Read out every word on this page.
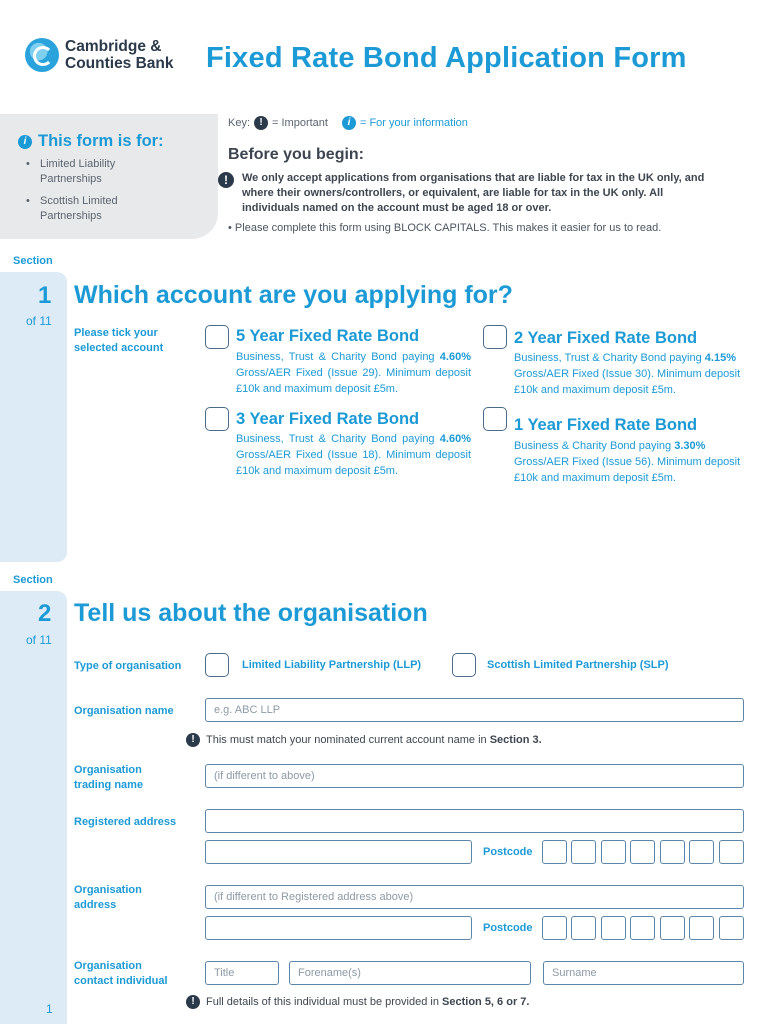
Cambridge &
Counties Bank Fixed Rate Bond Application Form
i This form is for:
• Limited Liability Partnerships
• Scottish Limited Partnerships
Key: ! = Important	i = For your information
Before you begin:
!	We only accept applications from organisations that are liable for tax in the UK only, and where their owners/controllers, or equivalent, are liable for tax in the UK only. All individuals named on the account must be aged 18 or over.
• Please complete this form using BLOCK CAPITALS. This makes it easier for us to read.
Section
1
of 11
Which account are you applying for?
Please tick your selected account
5 Year Fixed Rate Bond
Business, Trust & Charity Bond paying 4.60% Gross/AER Fixed (Issue 29). Minimum deposit £10k and maximum deposit £5m.
2 Year Fixed Rate Bond
Business, Trust & Charity Bond paying 4.15% Gross/AER Fixed (Issue 30). Minimum deposit £10k and maximum deposit £5m.
3 Year Fixed Rate Bond
Business, Trust & Charity Bond paying 4.60% Gross/AER Fixed (Issue 18). Minimum deposit £10k and maximum deposit £5m.
1 Year Fixed Rate Bond
Business & Charity Bond paying 3.30% Gross/AER Fixed (Issue 56). Minimum deposit £10k and maximum deposit £5m.
Section
2
of 11
Tell us about the organisation
Type of organisation	Limited Liability Partnership (LLP)	Scottish Limited Partnership (SLP)
Organisation name	e.g. ABC LLP
!	This must match your nominated current account name in Section 3.
Organisation trading name
(if different to above)
Registered address
Postcode
Organisation address
(if different to Registered address above)
Postcode
Organisation contact individual
Title	Forename(s)	Surname
!	Full details of this individual must be provided in Section 5, 6 or 7.
1
